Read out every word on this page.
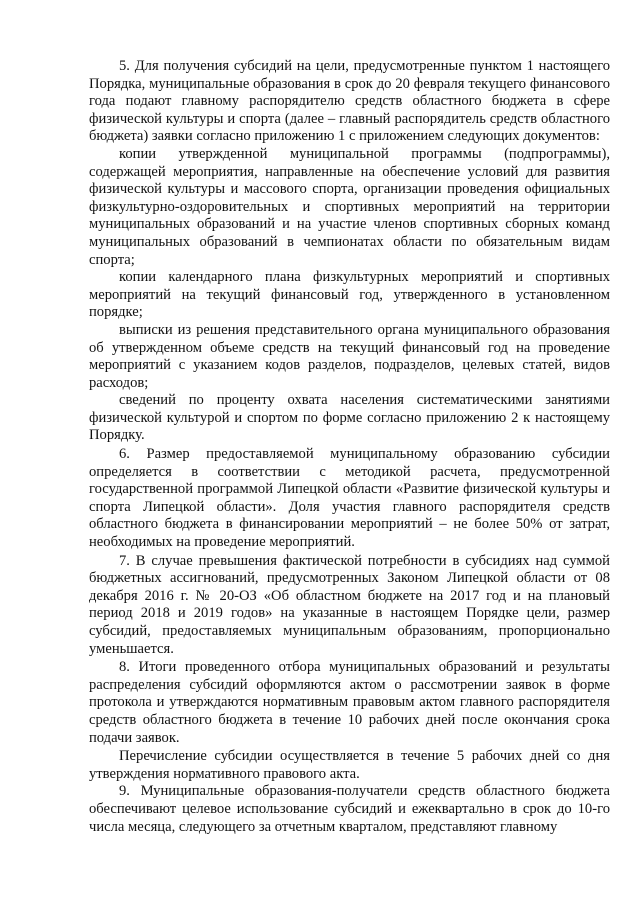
5. Для получения субсидий на цели, предусмотренные пунктом 1 настоящего Порядка, муниципальные образования в срок до 20 февраля текущего финансового года подают главному распорядителю средств областного бюджета в сфере физической культуры и спорта (далее – главный распорядитель средств областного бюджета) заявки согласно приложению 1 с приложением следующих документов:

копии утвержденной муниципальной программы (подпрограммы), содержащей мероприятия, направленные на обеспечение условий для развития физической культуры и массового спорта, организации проведения официальных физкультурно-оздоровительных и спортивных мероприятий на территории муниципальных образований и на участие членов спортивных сборных команд муниципальных образований в чемпионатах области по обязательным видам спорта;

копии календарного плана физкультурных мероприятий и спортивных мероприятий на текущий финансовый год, утвержденного в установленном порядке;

выписки из решения представительного органа муниципального образования об утвержденном объеме средств на текущий финансовый год на проведение мероприятий с указанием кодов разделов, подразделов, целевых статей, видов расходов;

сведений по проценту охвата населения систематическими занятиями физической культурой и спортом по форме согласно приложению 2 к настоящему Порядку.

6. Размер предоставляемой муниципальному образованию субсидии определяется в соответствии с методикой расчета, предусмотренной государственной программой Липецкой области «Развитие физической культуры и спорта Липецкой области». Доля участия главного распорядителя средств областного бюджета в финансировании мероприятий – не более 50% от затрат, необходимых на проведение мероприятий.

7. В случае превышения фактической потребности в субсидиях над суммой бюджетных ассигнований, предусмотренных Законом Липецкой области от 08 декабря 2016 г. № 20-ОЗ «Об областном бюджете на 2017 год и на плановый период 2018 и 2019 годов» на указанные в настоящем Порядке цели, размер субсидий, предоставляемых муниципальным образованиям, пропорционально уменьшается.

8. Итоги проведенного отбора муниципальных образований и результаты распределения субсидий оформляются актом о рассмотрении заявок в форме протокола и утверждаются нормативным правовым актом главного распорядителя средств областного бюджета в течение 10 рабочих дней после окончания срока подачи заявок.

Перечисление субсидии осуществляется в течение 5 рабочих дней со дня утверждения нормативного правового акта.

9. Муниципальные образования-получатели средств областного бюджета обеспечивают целевое использование субсидий и ежеквартально в срок до 10-го числа месяца, следующего за отчетным кварталом, представляют главному
